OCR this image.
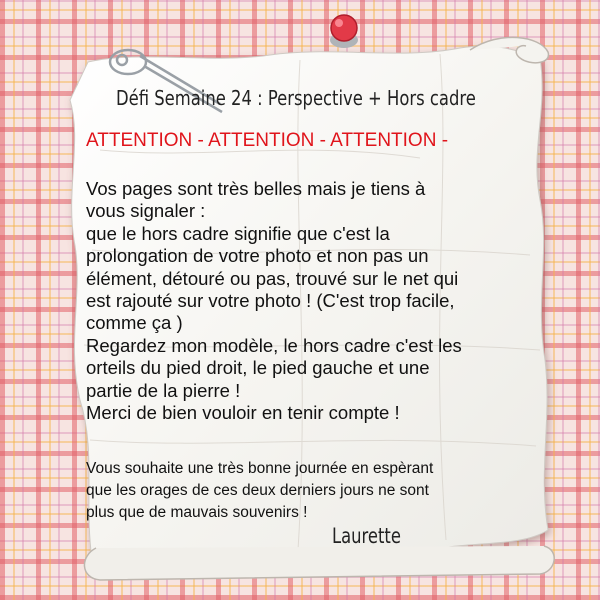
Défi Semaine 24 : Perspective + Hors cadre
ATTENTION - ATTENTION - ATTENTION -

Vos pages sont très belles mais je tiens à

vous signaler :

que le hors cadre signifie que c'est la

prolongation de votre photo et non pas un

élément, détouré ou pas, trouvé sur le net qui

est rajouté sur votre photo ! (C'est trop facile,

comme ça )

Regardez mon modèle, le hors cadre c'est les

orteils du pied droit, le pied gauche et une

partie de la pierre !

Merci de bien vouloir en tenir compte !

Vous souhaite une très bonne journée en espèrant

que les orages de ces deux derniers jours ne sont

plus que de mauvais souvenirs !

Laurette
